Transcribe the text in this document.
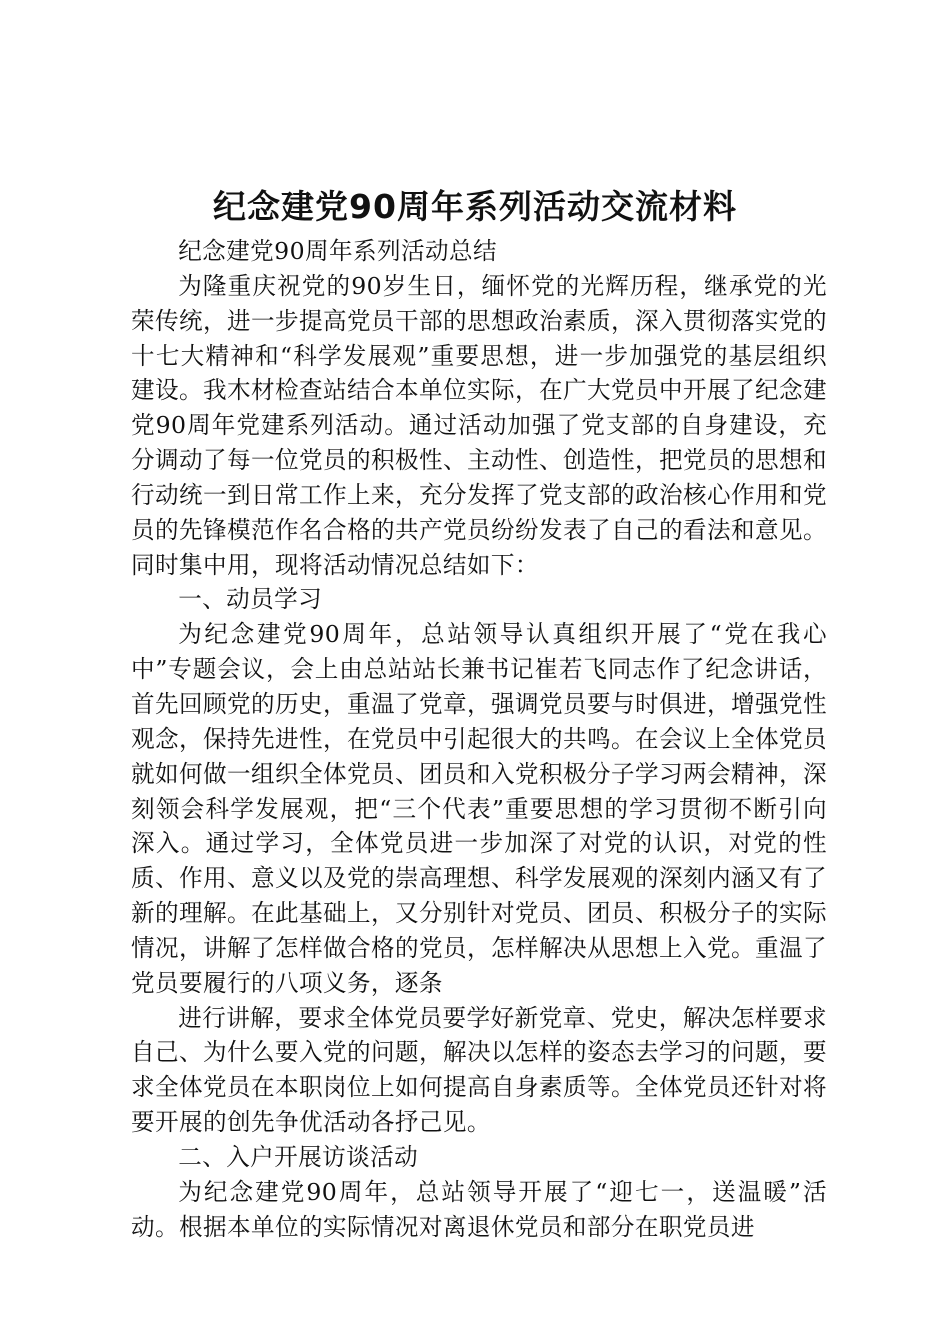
纪念建党90周年系列活动交流材料

纪念建党90周年系列活动总结

为隆重庆祝党的90岁生日，缅怀党的光辉历程，继承党的光荣传统，进一步提高党员干部的思想政治素质，深入贯彻落实党的十七大精神和“科学发展观”重要思想，进一步加强党的基层组织建设。我木材检查站结合本单位实际，在广大党员中开展了纪念建党90周年党建系列活动。通过活动加强了党支部的自身建设，充分调动了每一位党员的积极性、主动性、创造性，把党员的思想和行动统一到日常工作上来，充分发挥了党支部的政治核心作用和党员的先锋模范作名合格的共产党员纷纷发表了自己的看法和意见。同时集中用，现将活动情况总结如下：

一、动员学习

为纪念建党90周年，总站领导认真组织开展了“党在我心中”专题会议，会上由总站站长兼书记崔若飞同志作了纪念讲话，首先回顾党的历史，重温了党章，强调党员要与时俱进，增强党性观念，保持先进性，在党员中引起很大的共鸣。在会议上全体党员就如何做一组织全体党员、团员和入党积极分子学习两会精神，深刻领会科学发展观，把“三个代表”重要思想的学习贯彻不断引向深入。通过学习，全体党员进一步加深了对党的认识，对党的性质、作用、意义以及党的崇高理想、科学发展观的深刻内涵又有了新的理解。在此基础上，又分别针对党员、团员、积极分子的实际情况，讲解了怎样做合格的党员，怎样解决从思想上入党。重温了党员要履行的八项义务，逐条

进行讲解，要求全体党员要学好新党章、党史，解决怎样要求自己、为什么要入党的问题，解决以怎样的姿态去学习的问题，要求全体党员在本职岗位上如何提高自身素质等。全体党员还针对将要开展的创先争优活动各抒己见。

二、入户开展访谈活动

为纪念建党90周年，总站领导开展了“迎七一，送温暖”活动。根据本单位的实际情况对离退休党员和部分在职党员进
